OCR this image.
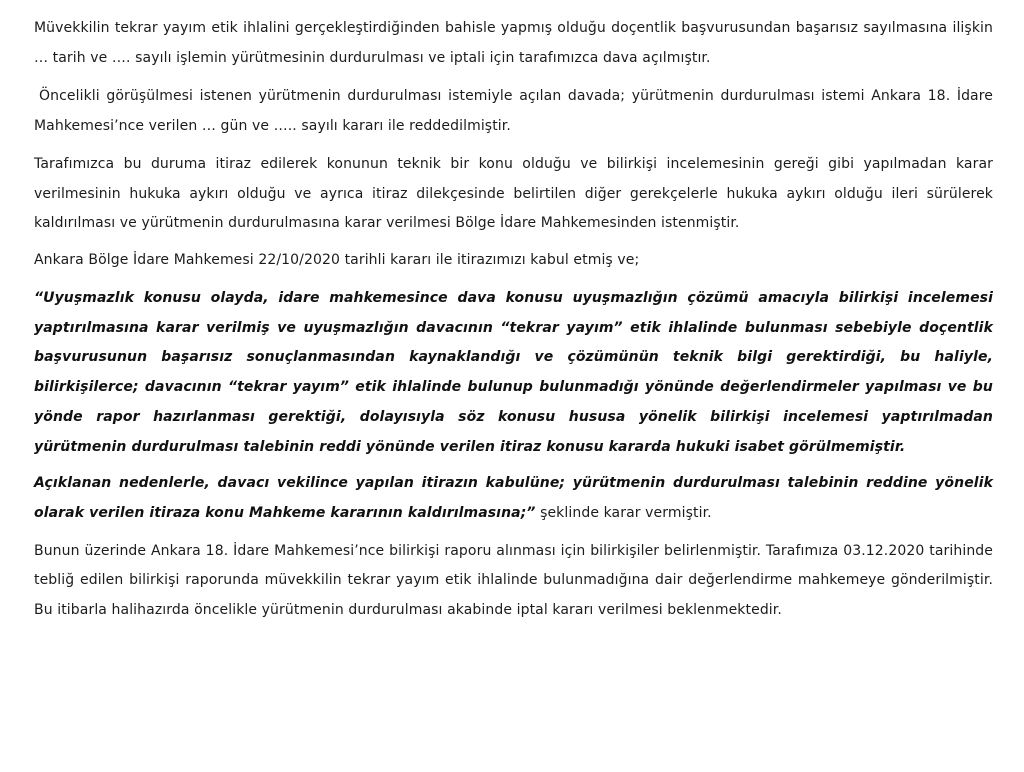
Müvekkilin tekrar yayım etik ihlalini gerçekleştirdiğinden bahisle yapmış olduğu doçentlik başvurusundan başarısız sayılmasına ilişkin … tarih ve …. sayılı işlemin yürütmesinin durdurulması ve iptali için tarafımızca dava açılmıştır.

Öncelikli görüşülmesi istenen yürütmenin durdurulması istemiyle açılan davada; yürütmenin durdurulması istemi Ankara 18. İdare Mahkemesi’nce verilen … gün ve ….. sayılı kararı ile reddedilmiştir.

Tarafımızca bu duruma itiraz edilerek konunun teknik bir konu olduğu ve bilirkişi incelemesinin gereği gibi yapılmadan karar verilmesinin hukuka aykırı olduğu ve ayrıca itiraz dilekçesinde belirtilen diğer gerekçelerle hukuka aykırı olduğu ileri sürülerek kaldırılması ve yürütmenin durdurulmasına karar verilmesi Bölge İdare Mahkemesinden istenmiştir.

Ankara Bölge İdare Mahkemesi 22/10/2020 tarihli kararı ile itirazımızı kabul etmiş ve;

“Uyuşmazlık konusu olayda, idare mahkemesince dava konusu uyuşmazlığın çözümü amacıyla bilirkişi incelemesi yaptırılmasına karar verilmiş ve uyuşmazlığın davacının “tekrar yayım” etik ihlalinde bulunması sebebiyle doçentlik başvurusunun başarısız sonuçlanmasından kaynaklandığı ve çözümünün teknik bilgi gerektirdiği, bu haliyle, bilirkişilerce; davacının “tekrar yayım” etik ihlalinde bulunup bulunmadığı yönünde değerlendirmeler yapılması ve bu yönde rapor hazırlanması gerektiği, dolayısıyla söz konusu hususa yönelik bilirkişi incelemesi yaptırılmadan yürütmenin durdurulması talebinin reddi yönünde verilen itiraz konusu kararda hukuki isabet görülmemiştir.

Açıklanan nedenlerle, davacı vekilince yapılan itirazın kabulüne; yürütmenin durdurulması talebinin reddine yönelik olarak verilen itiraza konu Mahkeme kararının kaldırılmasına;” şeklinde karar vermiştir.

Bunun üzerinde Ankara 18. İdare Mahkemesi’nce bilirkişi raporu alınması için bilirkişiler belirlenmiştir. Tarafımıza 03.12.2020 tarihinde tebliğ edilen bilirkişi raporunda müvekkilin tekrar yayım etik ihlalinde bulunmadığına dair değerlendirme mahkemeye gönderilmiştir. Bu itibarla halihazırda öncelikle yürütmenin durdurulması akabinde iptal kararı verilmesi beklenmektedir.
